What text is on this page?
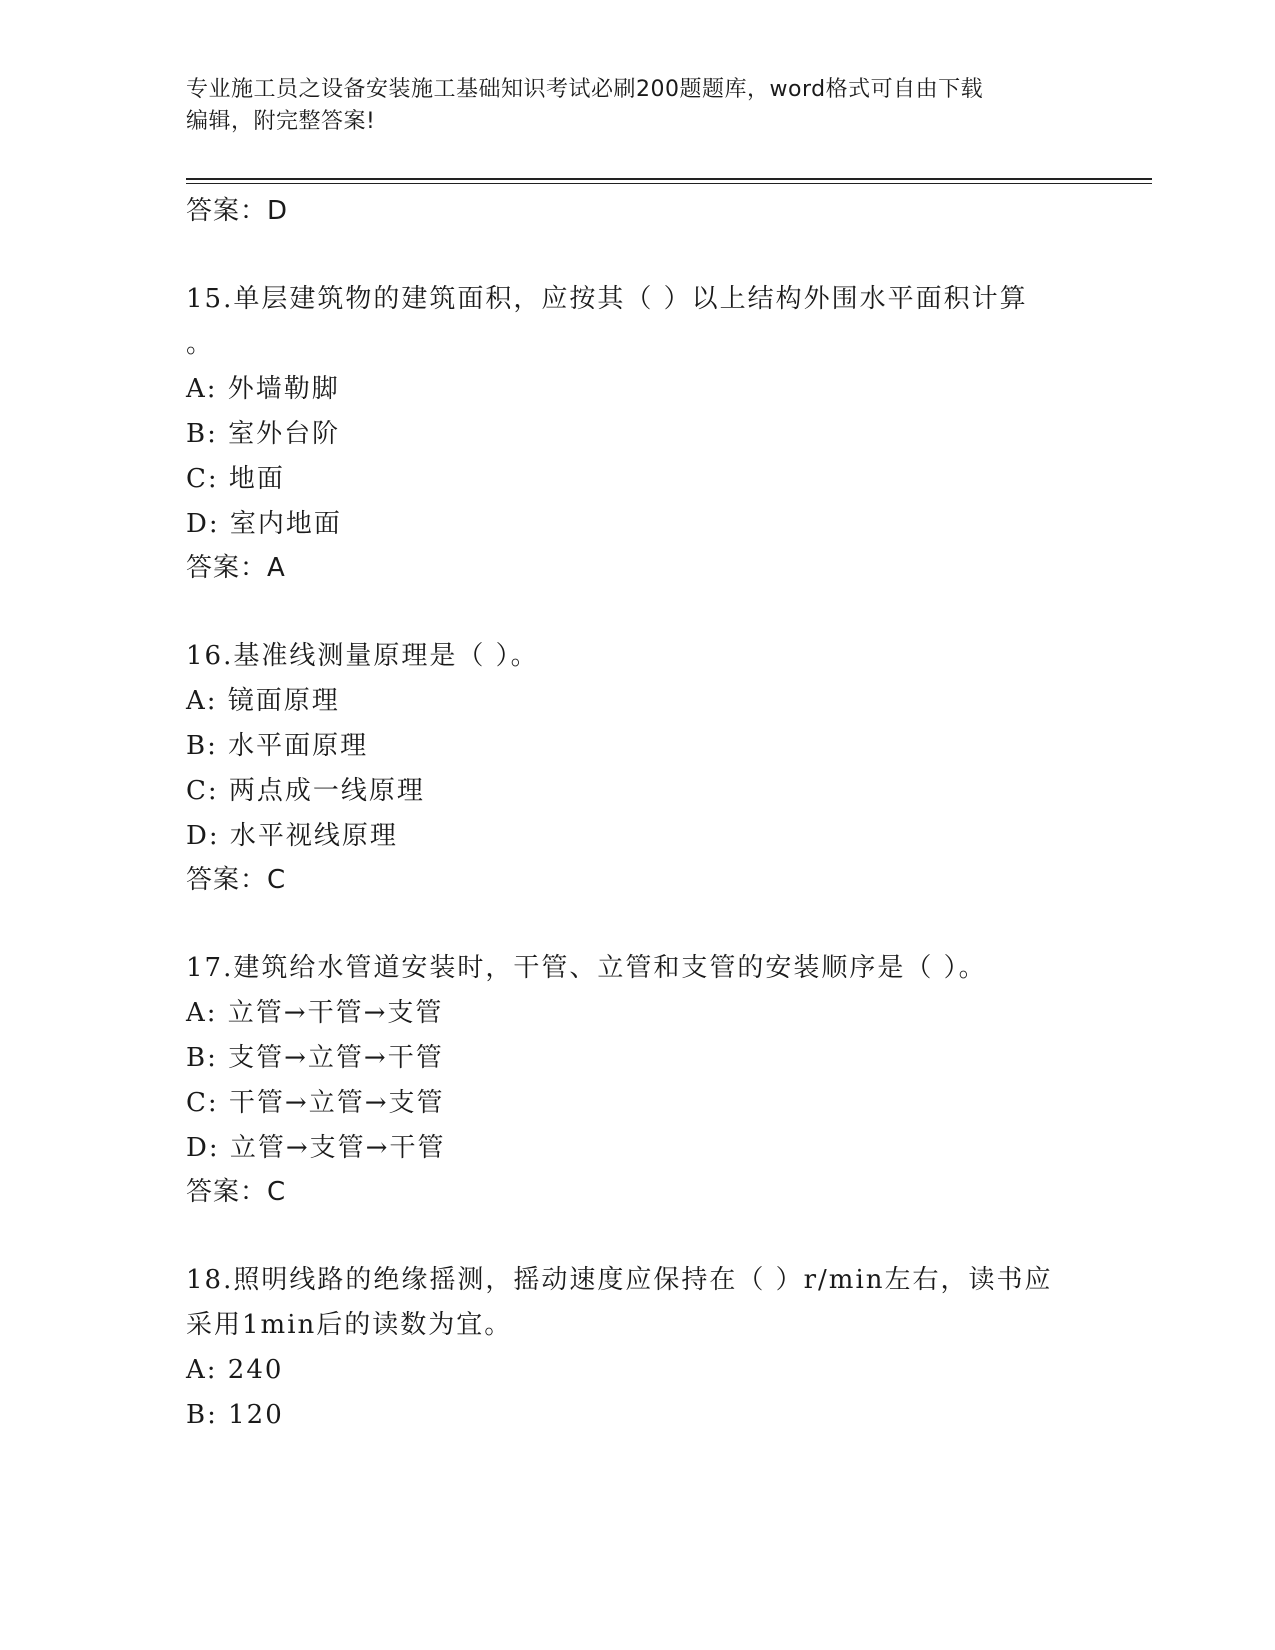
专业施工员之设备安装施工基础知识考试必刷200题题库，word格式可自由下载
编辑，附完整答案!

答案：D

15.单层建筑物的建筑面积，应按其（ ）以上结构外围水平面积计算

。

A: 外墙勒脚

B: 室外台阶

C: 地面

D: 室内地面

答案：A

16.基准线测量原理是（ ）。

A: 镜面原理

B: 水平面原理

C: 两点成一线原理

D: 水平视线原理

答案：C

17.建筑给水管道安装时，干管、立管和支管的安装顺序是（ ）。

A: 立管→干管→支管

B: 支管→立管→干管

C: 干管→立管→支管

D: 立管→支管→干管

答案：C

18.照明线路的绝缘摇测，摇动速度应保持在（ ）r/min左右，读书应

采用1min后的读数为宜。

A: 240

B: 120
